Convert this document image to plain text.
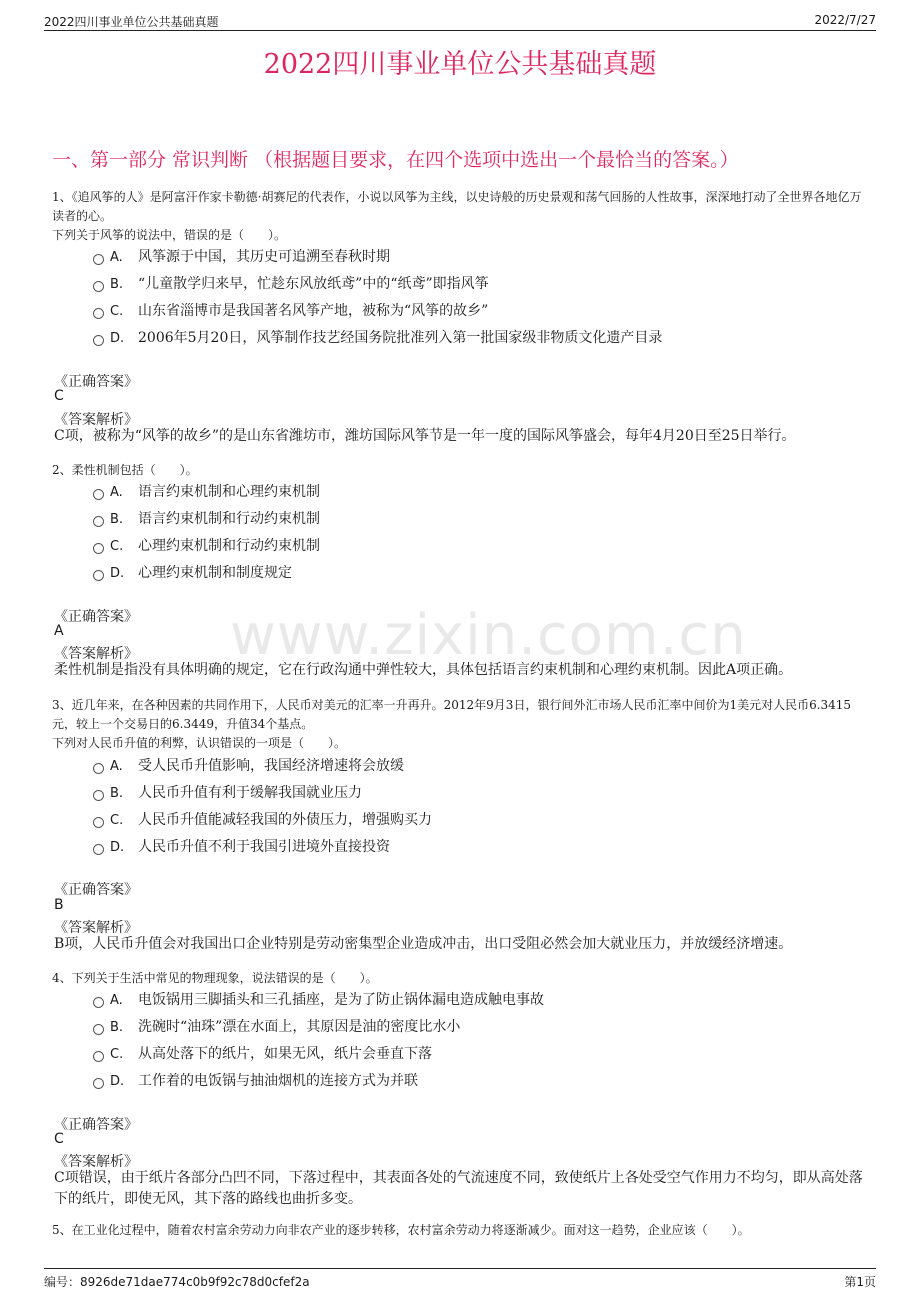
2022四川事业单位公共基础真题	2022/7/27
2022四川事业单位公共基础真题
一、第一部分 常识判断 （根据题目要求，在四个选项中选出一个最恰当的答案。）
www.zixin.com.cn
1、《追风筝的人》是阿富汗作家卡勒德·胡赛尼的代表作，小说以风筝为主线，以史诗般的历史景观和荡气回肠的人性故事，深深地打动了全世界各地亿万读者的心。
下列关于风筝的说法中，错误的是（　　）。
A. 风筝源于中国，其历史可追溯至春秋时期
B. “儿童散学归来早，忙趁东风放纸鸢”中的“纸鸢”即指风筝
C. 山东省淄博市是我国著名风筝产地，被称为“风筝的故乡”
D. 2006年5月20日，风筝制作技艺经国务院批准列入第一批国家级非物质文化遗产目录
《正确答案》
C
《答案解析》
C项，被称为“风筝的故乡”的是山东省潍坊市，潍坊国际风筝节是一年一度的国际风筝盛会，每年4月20日至25日举行。
2、柔性机制包括（　　）。
A. 语言约束机制和心理约束机制
B. 语言约束机制和行动约束机制
C. 心理约束机制和行动约束机制
D. 心理约束机制和制度规定
《正确答案》
A
《答案解析》
柔性机制是指没有具体明确的规定，它在行政沟通中弹性较大，具体包括语言约束机制和心理约束机制。因此A项正确。
3、近几年来，在各种因素的共同作用下，人民币对美元的汇率一升再升。2012年9月3日，银行间外汇市场人民币汇率中间价为1美元对人民币6.3415元，较上一个交易日的6.3449，升值34个基点。
下列对人民币升值的利弊，认识错误的一项是（　　）。
A. 受人民币升值影响，我国经济增速将会放缓
B. 人民币升值有利于缓解我国就业压力
C. 人民币升值能减轻我国的外债压力，增强购买力
D. 人民币升值不利于我国引进境外直接投资
《正确答案》
B
《答案解析》
B项，人民币升值会对我国出口企业特别是劳动密集型企业造成冲击，出口受阻必然会加大就业压力，并放缓经济增速。
4、下列关于生活中常见的物理现象，说法错误的是（　　）。
A. 电饭锅用三脚插头和三孔插座，是为了防止锅体漏电造成触电事故
B. 洗碗时“油珠”漂在水面上，其原因是油的密度比水小
C. 从高处落下的纸片，如果无风，纸片会垂直下落
D. 工作着的电饭锅与抽油烟机的连接方式为并联
《正确答案》
C
《答案解析》
C项错误，由于纸片各部分凸凹不同，下落过程中，其表面各处的气流速度不同，致使纸片上各处受空气作用力不均匀，即从高处落下的纸片，即使无风，其下落的路线也曲折多变。
5、在工业化过程中，随着农村富余劳动力向非农产业的逐步转移，农村富余劳动力将逐渐减少。面对这一趋势，企业应该（　　）。
编号：8926de71dae774c0b9f92c78d0cfef2a	第1页
